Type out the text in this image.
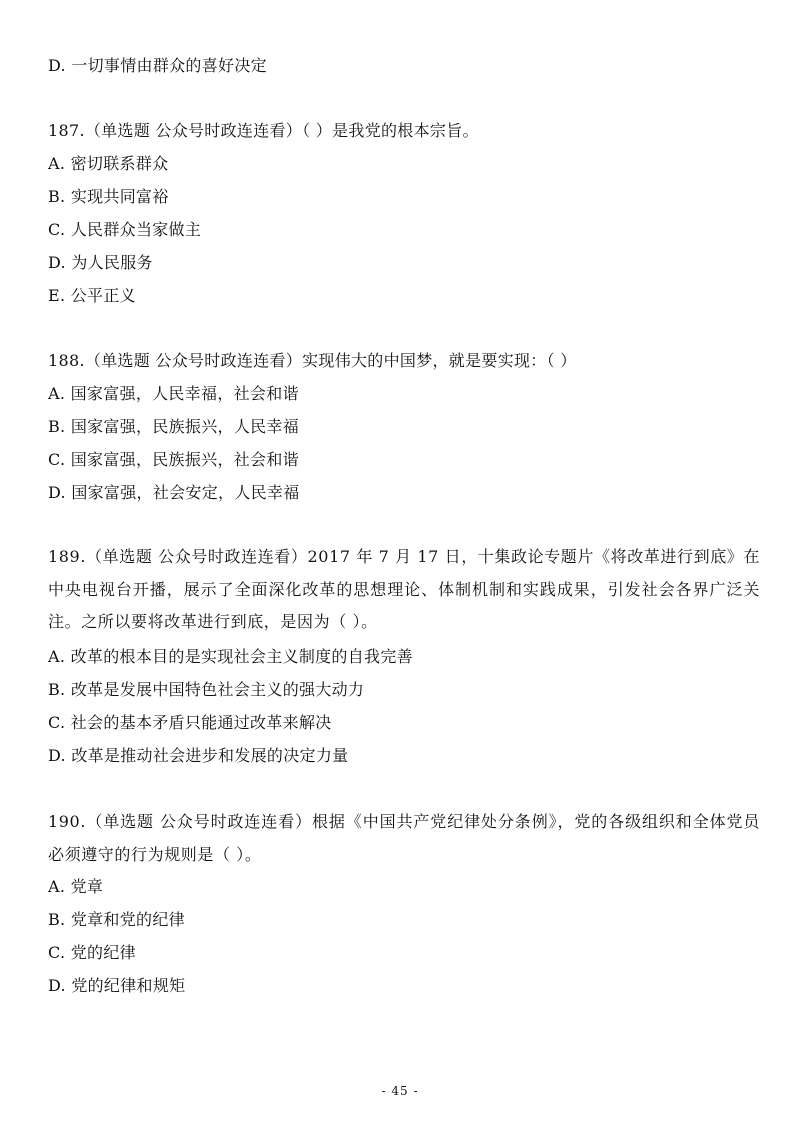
D. 一切事情由群众的喜好决定
187.（单选题 公众号时政连连看）（ ）是我党的根本宗旨。
A. 密切联系群众
B. 实现共同富裕
C. 人民群众当家做主
D. 为人民服务
E. 公平正义
188.（单选题 公众号时政连连看）实现伟大的中国梦，就是要实现：（ ）
A. 国家富强，人民幸福，社会和谐
B. 国家富强，民族振兴，人民幸福
C. 国家富强，民族振兴，社会和谐
D. 国家富强，社会安定，人民幸福
189.（单选题 公众号时政连连看）2017 年 7 月 17 日，十集政论专题片《将改革进行到底》在中央电视台开播，展示了全面深化改革的思想理论、体制机制和实践成果，引发社会各界广泛关注。之所以要将改革进行到底，是因为（ ）。
A. 改革的根本目的是实现社会主义制度的自我完善
B. 改革是发展中国特色社会主义的强大动力
C. 社会的基本矛盾只能通过改革来解决
D. 改革是推动社会进步和发展的决定力量
190.（单选题 公众号时政连连看）根据《中国共产党纪律处分条例》，党的各级组织和全体党员必须遵守的行为规则是（ ）。
A. 党章
B. 党章和党的纪律
C. 党的纪律
D. 党的纪律和规矩
- 45 -
